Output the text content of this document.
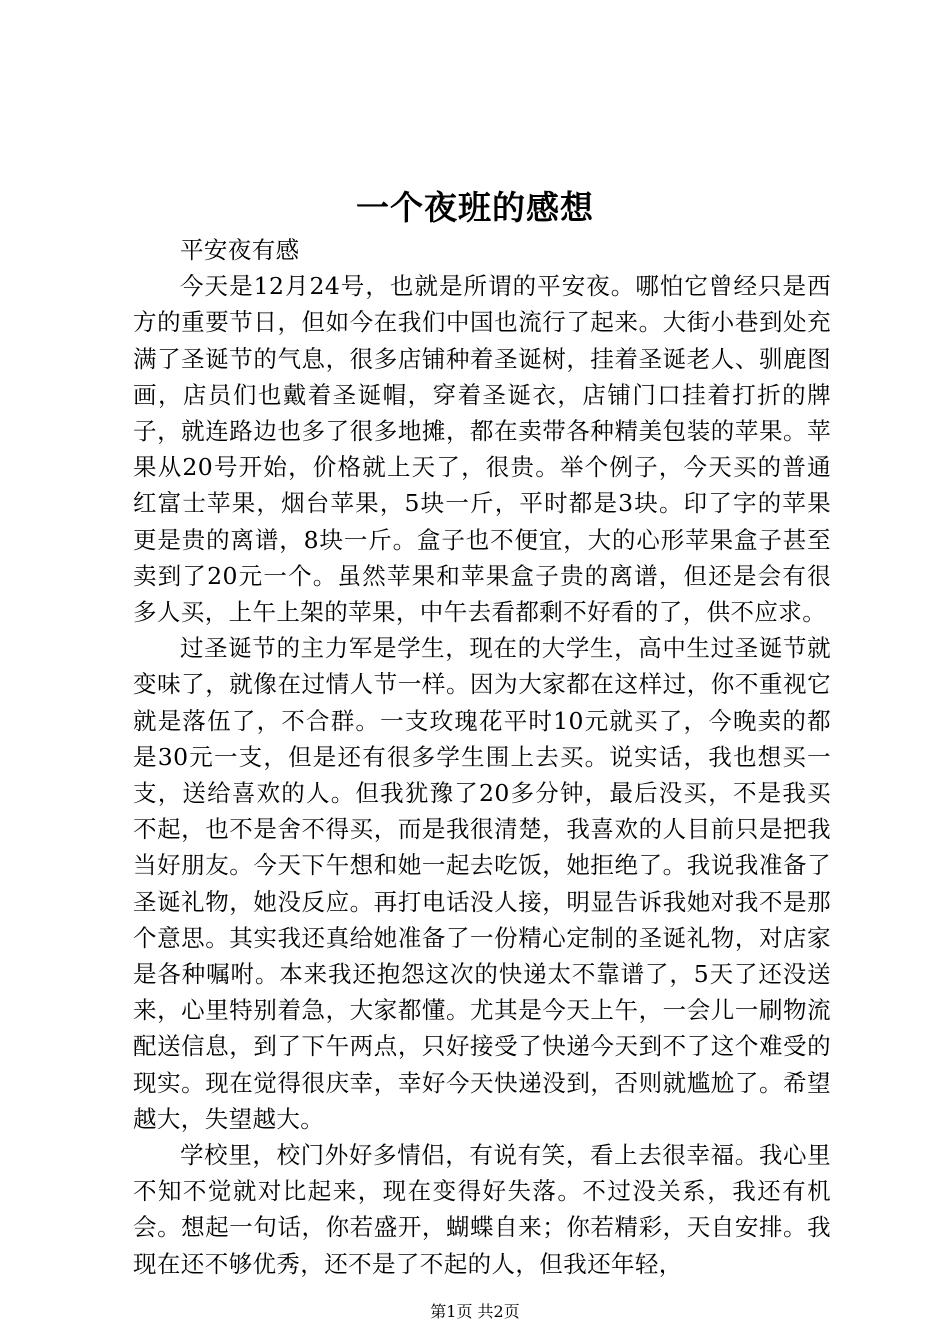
一个夜班的感想

平安夜有感

今天是12月24号，也就是所谓的平安夜。哪怕它曾经只是西方的重要节日，但如今在我们中国也流行了起来。大街小巷到处充满了圣诞节的气息，很多店铺种着圣诞树，挂着圣诞老人、驯鹿图画，店员们也戴着圣诞帽，穿着圣诞衣，店铺门口挂着打折的牌子，就连路边也多了很多地摊，都在卖带各种精美包装的苹果。苹果从20号开始，价格就上天了，很贵。举个例子，今天买的普通红富士苹果，烟台苹果，5块一斤，平时都是3块。印了字的苹果更是贵的离谱，8块一斤。盒子也不便宜，大的心形苹果盒子甚至卖到了20元一个。虽然苹果和苹果盒子贵的离谱，但还是会有很多人买，上午上架的苹果，中午去看都剩不好看的了，供不应求。

过圣诞节的主力军是学生，现在的大学生，高中生过圣诞节就变味了，就像在过情人节一样。因为大家都在这样过，你不重视它就是落伍了，不合群。一支玫瑰花平时10元就买了，今晚卖的都是30元一支，但是还有很多学生围上去买。说实话，我也想买一支，送给喜欢的人。但我犹豫了20多分钟，最后没买，不是我买不起，也不是舍不得买，而是我很清楚，我喜欢的人目前只是把我当好朋友。今天下午想和她一起去吃饭，她拒绝了。我说我准备了圣诞礼物，她没反应。再打电话没人接，明显告诉我她对我不是那个意思。其实我还真给她准备了一份精心定制的圣诞礼物，对店家是各种嘱咐。本来我还抱怨这次的快递太不靠谱了，5天了还没送来，心里特别着急，大家都懂。尤其是今天上午，一会儿一刷物流配送信息，到了下午两点，只好接受了快递今天到不了这个难受的现实。现在觉得很庆幸，幸好今天快递没到，否则就尴尬了。希望越大，失望越大。

学校里，校门外好多情侣，有说有笑，看上去很幸福。我心里不知不觉就对比起来，现在变得好失落。不过没关系，我还有机会。想起一句话，你若盛开，蝴蝶自来；你若精彩，天自安排。我现在还不够优秀，还不是了不起的人，但我还年轻，

第1页 共2页
